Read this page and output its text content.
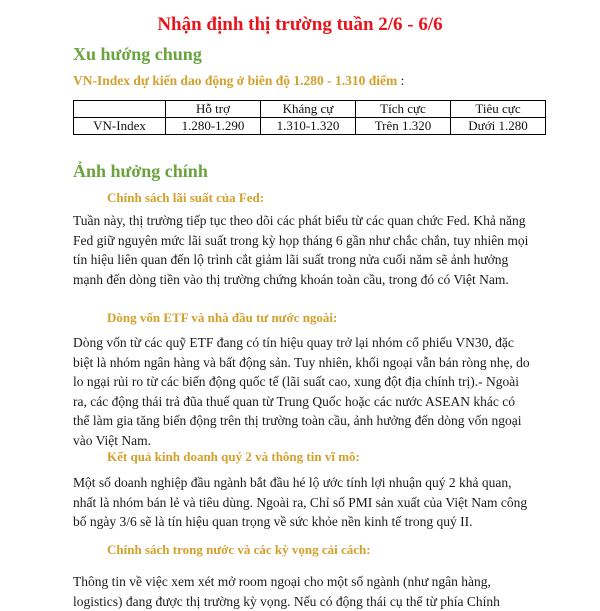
Nhận định thị trường tuần 2/6 - 6/6
Xu hướng chung
VN-Index dự kiến dao động ở biên độ 1.280 - 1.310 điểm :
	Hỗ trợ	Kháng cự	Tích cực	Tiêu cực
VN-Index	1.280-1.290	1.310-1.320	Trên 1.320	Dưới 1.280
Ảnh hưởng chính
Chính sách lãi suất của Fed:
Tuần này, thị trường tiếp tục theo dõi các phát biểu từ các quan chức Fed. Khả năng Fed giữ nguyên mức lãi suất trong kỳ họp tháng 6 gần như chắc chắn, tuy nhiên mọi tín hiệu liên quan đến lộ trình cắt giảm lãi suất trong nửa cuối năm sẽ ảnh hưởng mạnh đến dòng tiền vào thị trường chứng khoán toàn cầu, trong đó có Việt Nam.
Dòng vốn ETF và nhà đầu tư nước ngoài:
Dòng vốn từ các quỹ ETF đang có tín hiệu quay trở lại nhóm cổ phiếu VN30, đặc biệt là nhóm ngân hàng và bất động sản. Tuy nhiên, khối ngoại vẫn bán ròng nhẹ, do lo ngại rủi ro từ các biến động quốc tế (lãi suất cao, xung đột địa chính trị).- Ngoài ra, các động thái trả đũa thuế quan từ Trung Quốc hoặc các nước ASEAN khác có thể làm gia tăng biến động trên thị trường toàn cầu, ảnh hưởng đến dòng vốn ngoại vào Việt Nam.
Kết quả kinh doanh quý 2 và thông tin vĩ mô:
Một số doanh nghiệp đầu ngành bắt đầu hé lộ ước tính lợi nhuận quý 2 khả quan, nhất là nhóm bán lẻ và tiêu dùng. Ngoài ra, Chỉ số PMI sản xuất của Việt Nam công bố ngày 3/6 sẽ là tín hiệu quan trọng về sức khỏe nền kinh tế trong quý II.
Chính sách trong nước và các kỳ vọng cải cách:
Thông tin về việc xem xét mở room ngoại cho một số ngành (như ngân hàng, logistics) đang được thị trường kỳ vọng. Nếu có động thái cụ thể từ phía Chính
